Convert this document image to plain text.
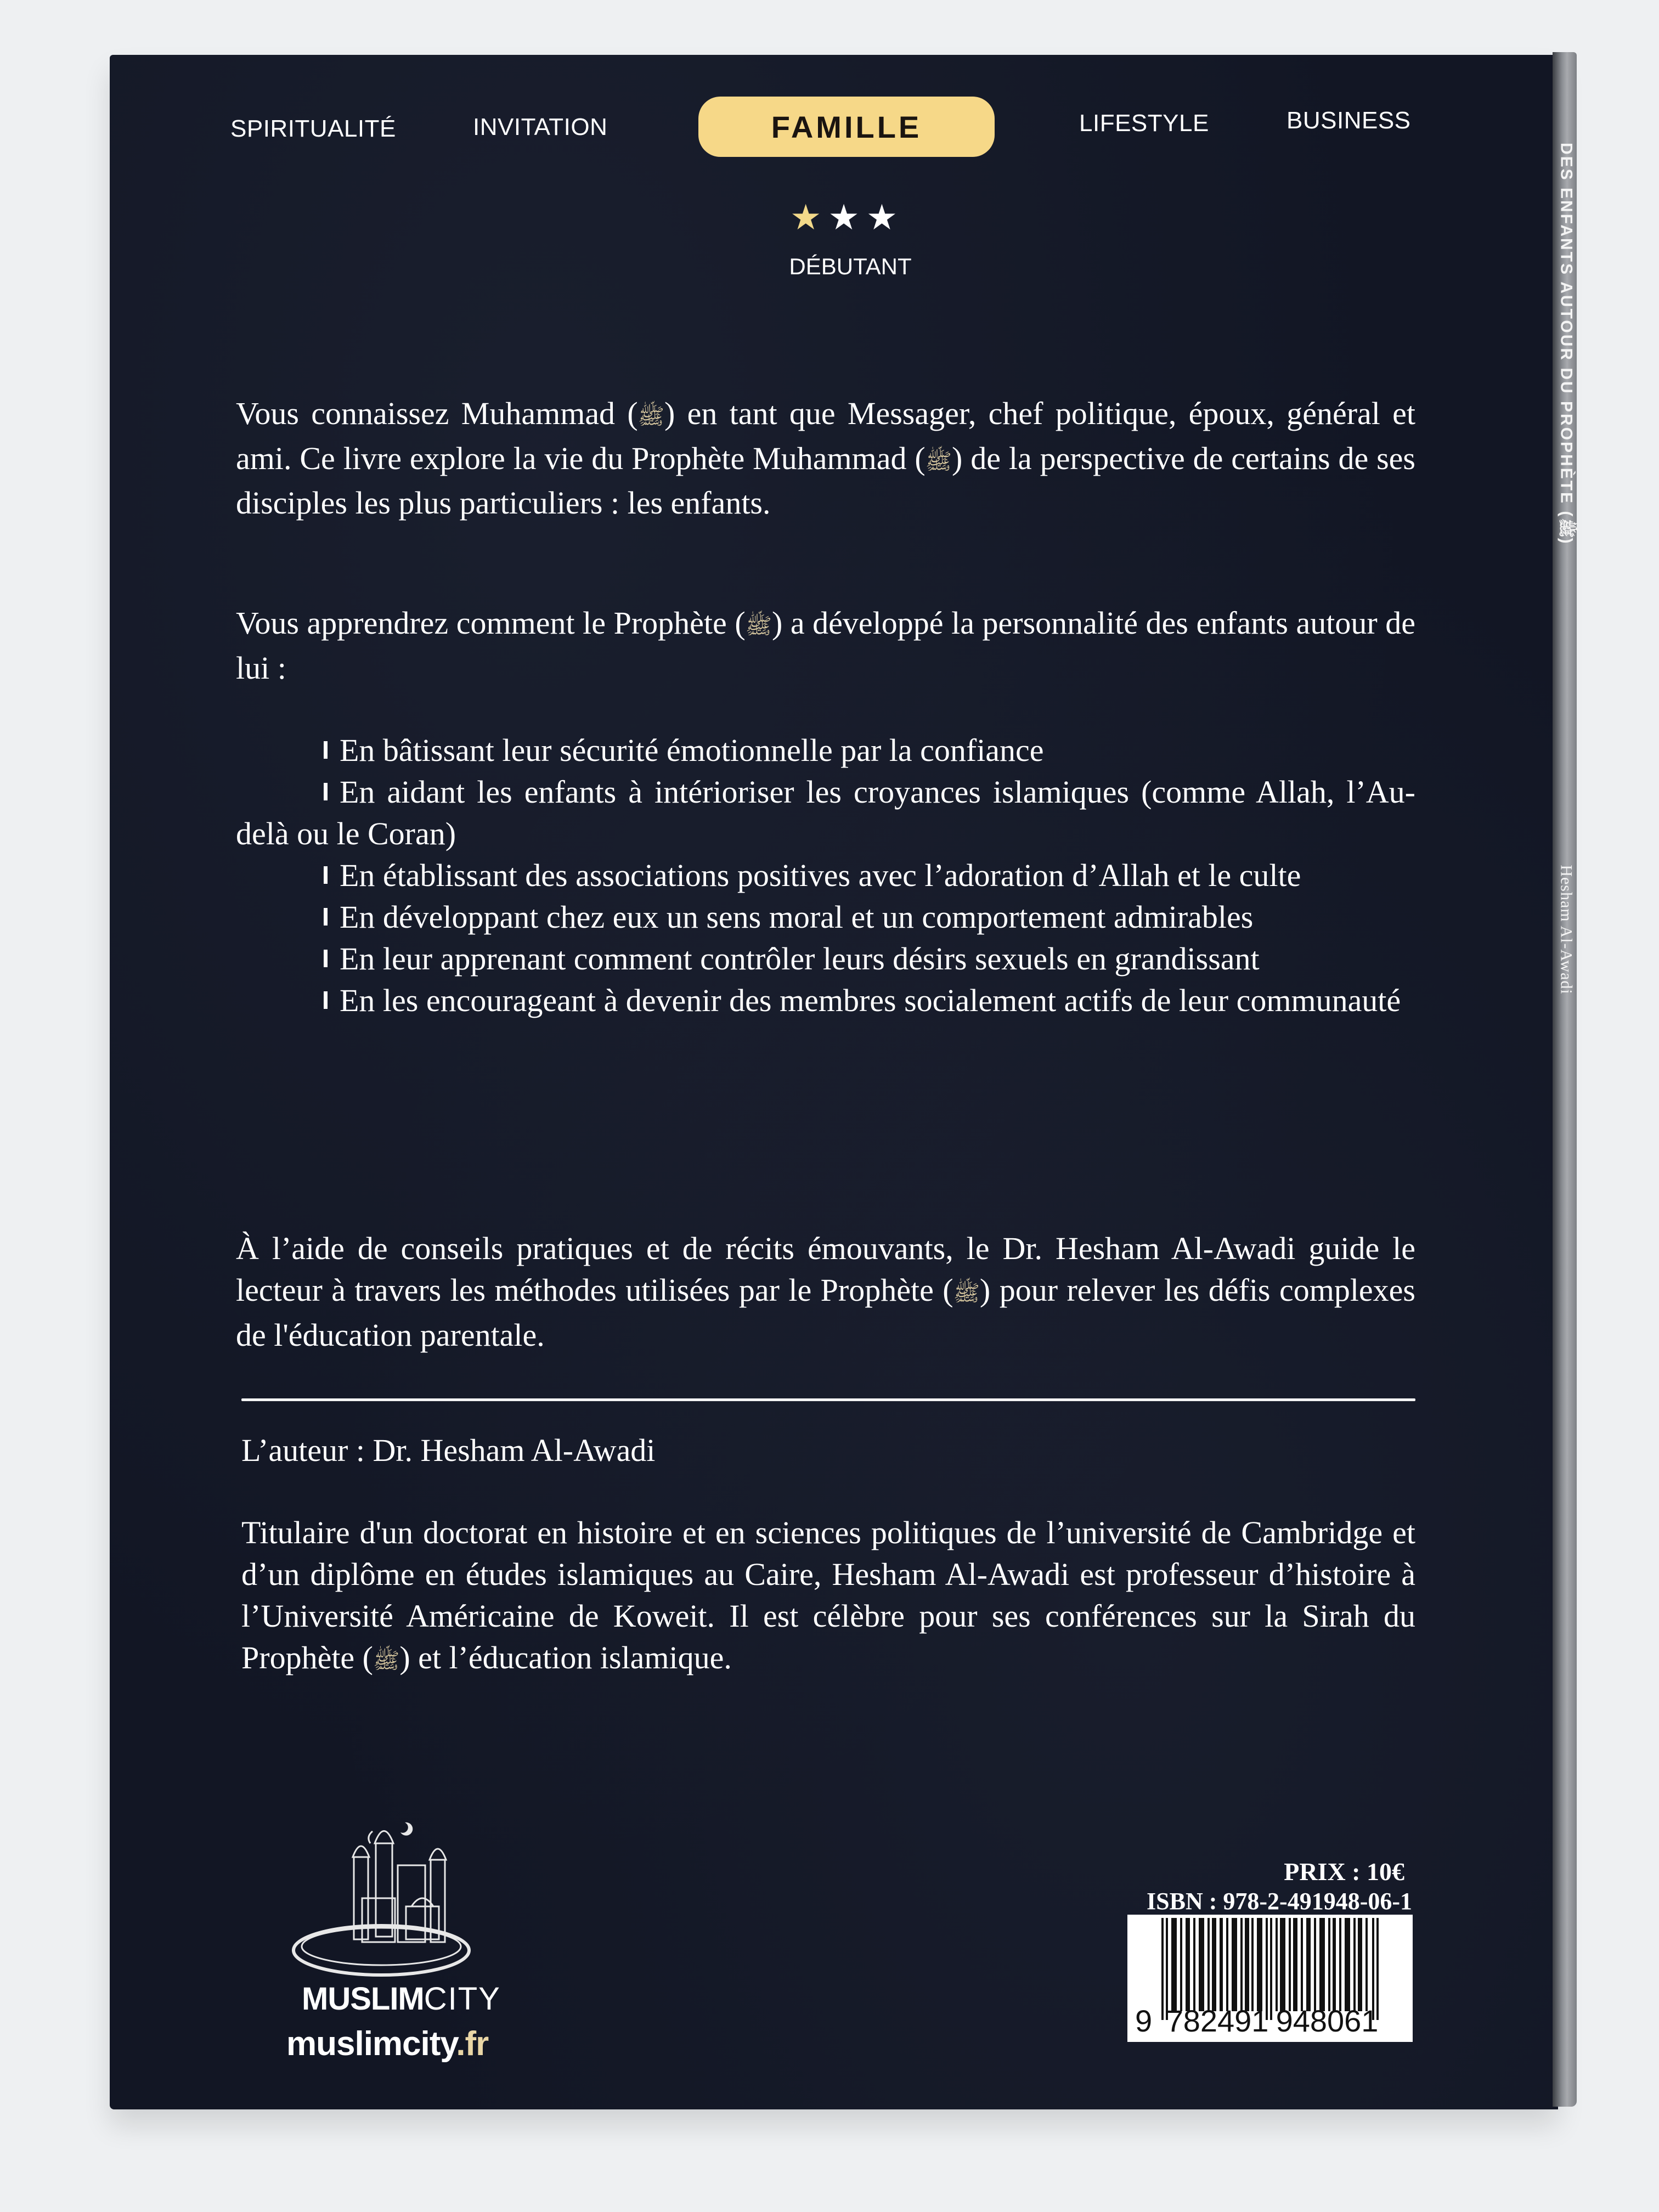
DES ENFANTS AUTOUR DU PROPHÈTE (ﷺ)  Hesham Al-Awadi
SPIRITUALITÉ	INVITATION	FAMILLE	LIFESTYLE	BUSINESS
★ ★ ★
DÉBUTANT

Vous connaissez Muhammad (ﷺ) en tant que Messager, chef politique, époux, général et ami. Ce livre explore la vie du Prophète Muhammad (ﷺ) de la perspective de certains de ses disciples les plus particuliers : les enfants.

Vous apprendrez comment le Prophète (ﷺ) a développé la personnalité des enfants autour de lui :

En bâtissant leur sécurité émotionnelle par la confiance
En aidant les enfants à intérioriser les croyances islamiques (comme Allah, l’Au-delà ou le Coran)
En établissant des associations positives avec l’adoration d’Allah et le culte
En développant chez eux un sens moral et un comportement admirables
En leur apprenant comment contrôler leurs désirs sexuels en grandissant
En les encourageant à devenir des membres socialement actifs de leur communauté

À l’aide de conseils pratiques et de récits émouvants, le Dr. Hesham Al-Awadi guide le lecteur à travers les méthodes utilisées par le Prophète (ﷺ) pour relever les défis complexes de l'éducation parentale.

L’auteur : Dr. Hesham Al-Awadi

Titulaire d'un doctorat en histoire et en sciences politiques de l’université de Cambridge et d’un diplôme en études islamiques au Caire, Hesham Al-Awadi est professeur d’histoire à l’Université Américaine de Koweit. Il est célèbre pour ses conférences sur la Sirah du Prophète (ﷺ) et l’éducation islamique.

MUSLIMCITY
muslimcity.fr
PRIX : 10€
ISBN : 978-2-491948-06-1
9 782491 948061
